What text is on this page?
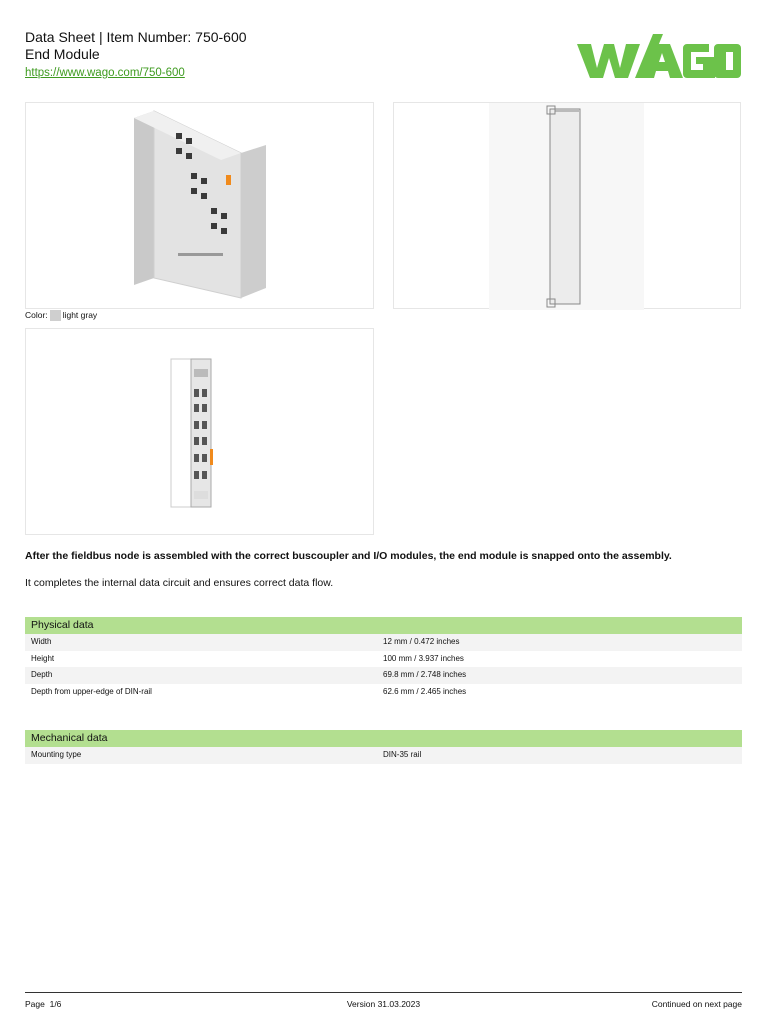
Data Sheet | Item Number: 750-600
End Module
https://www.wago.com/750-600
Color: light gray
After the fieldbus node is assembled with the correct buscoupler and I/O modules, the end module is snapped onto the assembly.
It completes the internal data circuit and ensures correct data flow.
Physical data
Width	12 mm / 0.472 inches
Height	100 mm / 3.937 inches
Depth	69.8 mm / 2.748 inches
Depth from upper-edge of DIN-rail	62.6 mm / 2.465 inches
Mechanical data
Mounting type	DIN-35 rail
Page 1/6	Version 31.03.2023	Continued on next page
